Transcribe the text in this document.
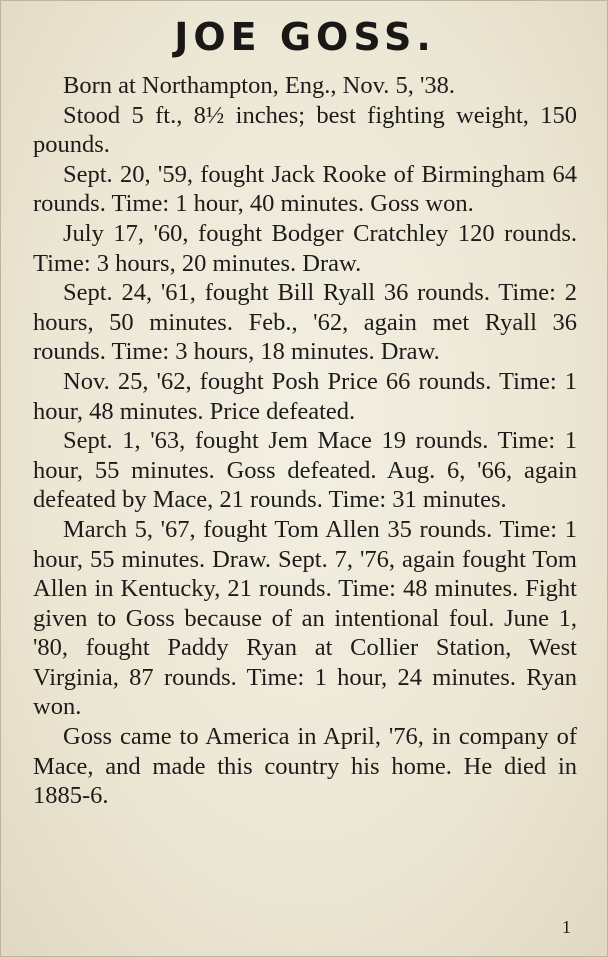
JOE GOSS.

Born at Northampton, Eng., Nov. 5, '38.

Stood 5 ft., 8½ inches; best fighting weight, 150 pounds.

Sept. 20, '59, fought Jack Rooke of Birmingham 64 rounds. Time: 1 hour, 40 minutes. Goss won.

July 17, '60, fought Bodger Cratchley 120 rounds. Time: 3 hours, 20 minutes. Draw.

Sept. 24, '61, fought Bill Ryall 36 rounds. Time: 2 hours, 50 minutes. Feb., '62, again met Ryall 36 rounds. Time: 3 hours, 18 minutes. Draw.

Nov. 25, '62, fought Posh Price 66 rounds. Time: 1 hour, 48 minutes. Price defeated.

Sept. 1, '63, fought Jem Mace 19 rounds. Time: 1 hour, 55 minutes. Goss defeated. Aug. 6, '66, again defeated by Mace, 21 rounds. Time: 31 minutes.

March 5, '67, fought Tom Allen 35 rounds. Time: 1 hour, 55 minutes. Draw. Sept. 7, '76, again fought Tom Allen in Kentucky, 21 rounds. Time: 48 minutes. Fight given to Goss because of an intentional foul. June 1, '80, fought Paddy Ryan at Collier Station, West Virginia, 87 rounds. Time: 1 hour, 24 minutes. Ryan won.

Goss came to America in April, '76, in company of Mace, and made this country his home. He died in 1885-6.

1
